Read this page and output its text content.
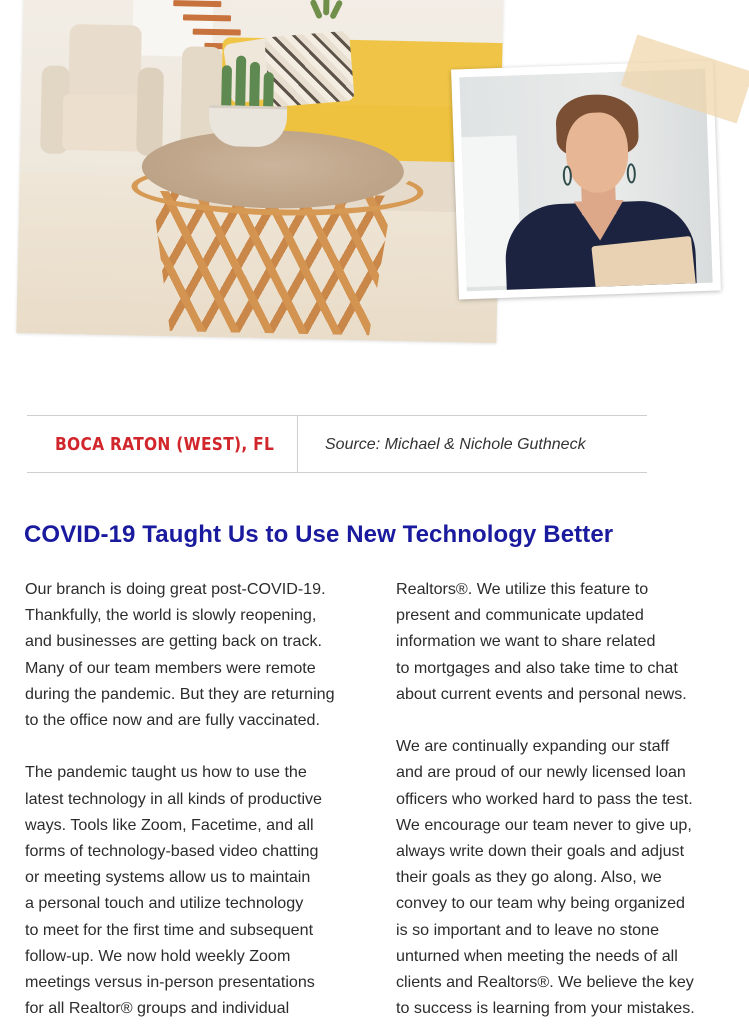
BOCA RATON (WEST), FL	Source: Michael & Nichole Guthneck
COVID-19 Taught Us to Use New Technology Better

Our branch is doing great post-COVID-19.

Thankfully, the world is slowly reopening,

and businesses are getting back on track.

Many of our team members were remote

during the pandemic. But they are returning

to the office now and are fully vaccinated.

The pandemic taught us how to use the

latest technology in all kinds of productive

ways. Tools like Zoom, Facetime, and all

forms of technology-based video chatting

or meeting systems allow us to maintain

a personal touch and utilize technology

to meet for the first time and subsequent

follow-up. We now hold weekly Zoom

meetings versus in-person presentations

for all Realtor® groups and individual

Realtors®. We utilize this feature to

present and communicate updated

information we want to share related

to mortgages and also take time to chat

about current events and personal news.

We are continually expanding our staff

and are proud of our newly licensed loan

officers who worked hard to pass the test.

We encourage our team never to give up,

always write down their goals and adjust

their goals as they go along. Also, we

convey to our team why being organized

is so important and to leave no stone

unturned when meeting the needs of all

clients and Realtors®. We believe the key

to success is learning from your mistakes.
